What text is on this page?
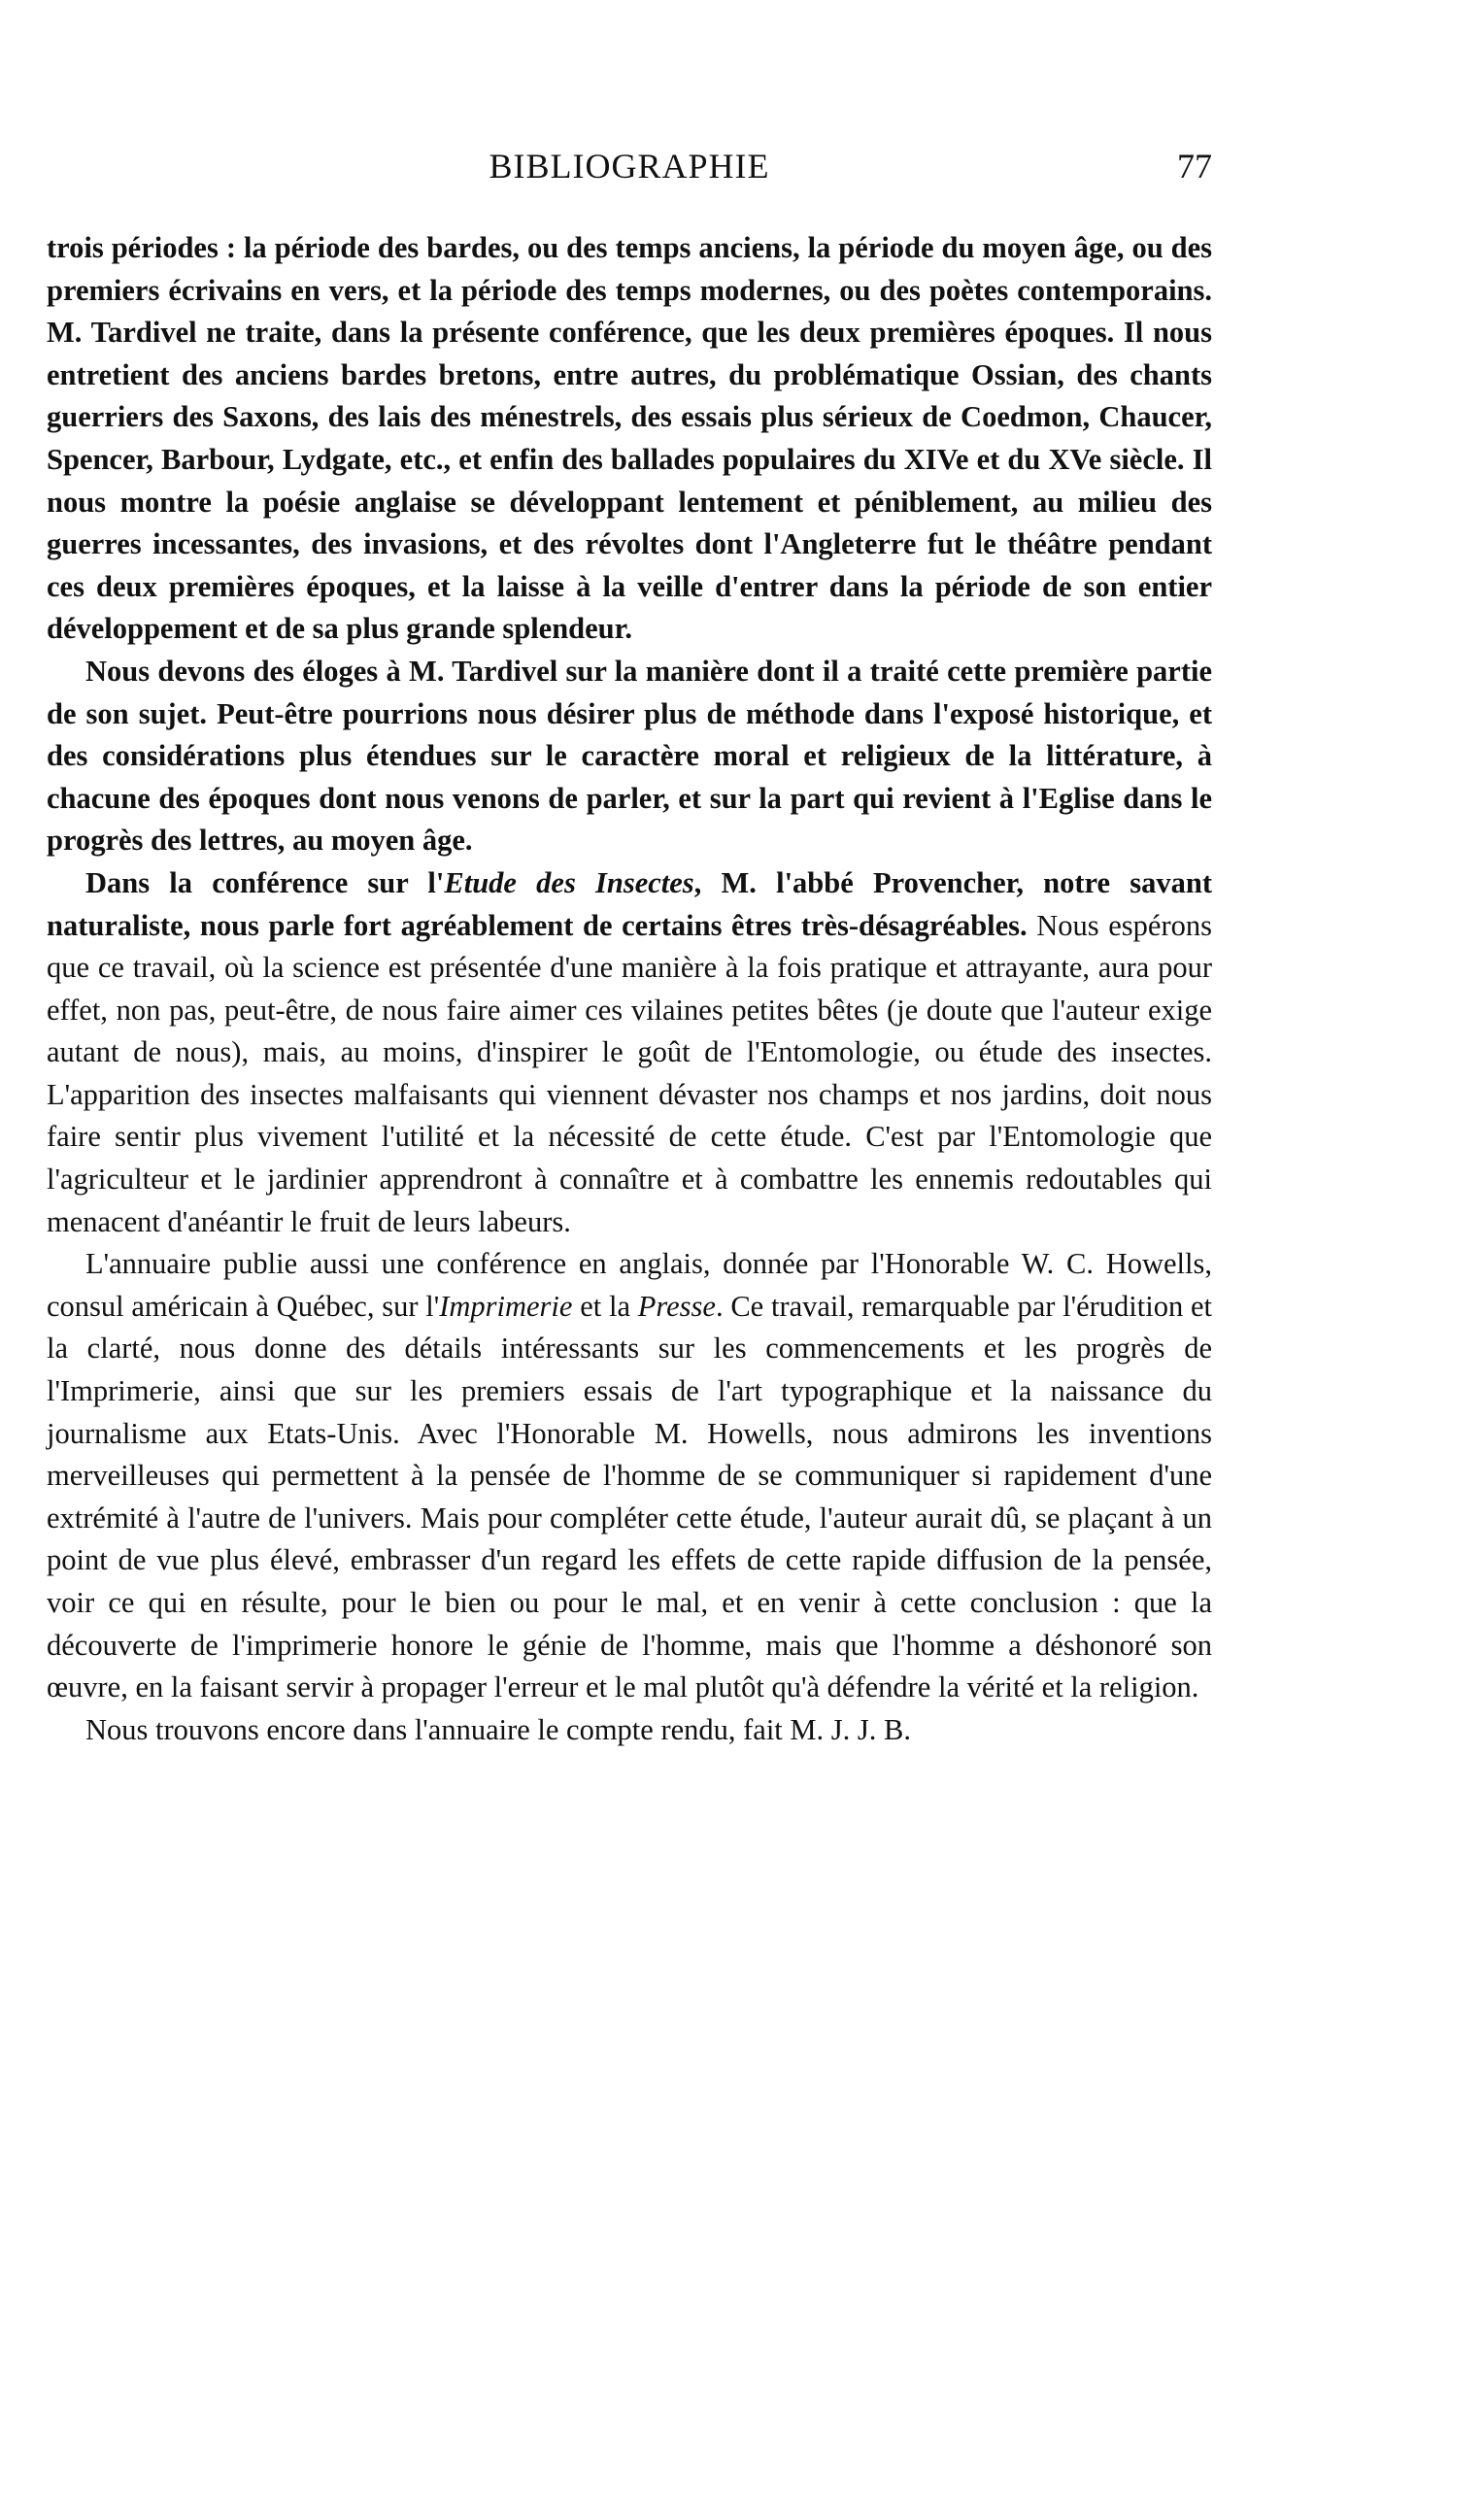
BIBLIOGRAPHIE	77

trois périodes : la période des bardes, ou des temps anciens, la période du moyen âge, ou des premiers écrivains en vers, et la période des temps modernes, ou des poètes contemporains. M. Tardivel ne traite, dans la présente conférence, que les deux premières époques. Il nous entretient des anciens bardes bretons, entre autres, du problématique Ossian, des chants guerriers des Saxons, des lais des ménestrels, des essais plus sérieux de Coedmon, Chaucer, Spencer, Barbour, Lydgate, etc., et enfin des ballades populaires du XIVe et du XVe siècle. Il nous montre la poésie anglaise se développant lentement et péniblement, au milieu des guerres incessantes, des invasions, et des révoltes dont l'Angleterre fut le théâtre pendant ces deux premières époques, et la laisse à la veille d'entrer dans la période de son entier développement et de sa plus grande splendeur.

Nous devons des éloges à M. Tardivel sur la manière dont il a traité cette première partie de son sujet. Peut-être pourrions nous désirer plus de méthode dans l'exposé historique, et des considérations plus étendues sur le caractère moral et religieux de la littérature, à chacune des époques dont nous venons de parler, et sur la part qui revient à l'Eglise dans le progrès des lettres, au moyen âge.

Dans la conférence sur l'Etude des Insectes, M. l'abbé Provencher, notre savant naturaliste, nous parle fort agréablement de certains êtres très-désagréables. Nous espérons que ce travail, où la science est présentée d'une manière à la fois pratique et attrayante, aura pour effet, non pas, peut-être, de nous faire aimer ces vilaines petites bêtes (je doute que l'auteur exige autant de nous), mais, au moins, d'inspirer le goût de l'Entomologie, ou étude des insectes. L'apparition des insectes malfaisants qui viennent dévaster nos champs et nos jardins, doit nous faire sentir plus vivement l'utilité et la nécessité de cette étude. C'est par l'Entomologie que l'agriculteur et le jardinier apprendront à connaître et à combattre les ennemis redoutables qui menacent d'anéantir le fruit de leurs labeurs.

L'annuaire publie aussi une conférence en anglais, donnée par l'Honorable W. C. Howells, consul américain à Québec, sur l'Imprimerie et la Presse. Ce travail, remarquable par l'érudition et la clarté, nous donne des détails intéressants sur les commencements et les progrès de l'Imprimerie, ainsi que sur les premiers essais de l'art typographique et la naissance du journalisme aux Etats-Unis. Avec l'Honorable M. Howells, nous admirons les inventions merveilleuses qui permettent à la pensée de l'homme de se communiquer si rapidement d'une extrémité à l'autre de l'univers. Mais pour compléter cette étude, l'auteur aurait dû, se plaçant à un point de vue plus élevé, embrasser d'un regard les effets de cette rapide diffusion de la pensée, voir ce qui en résulte, pour le bien ou pour le mal, et en venir à cette conclusion : que la découverte de l'imprimerie honore le génie de l'homme, mais que l'homme a déshonoré son œuvre, en la faisant servir à propager l'erreur et le mal plutôt qu'à défendre la vérité et la religion.

Nous trouvons encore dans l'annuaire le compte rendu, fait M. J. J. B.
